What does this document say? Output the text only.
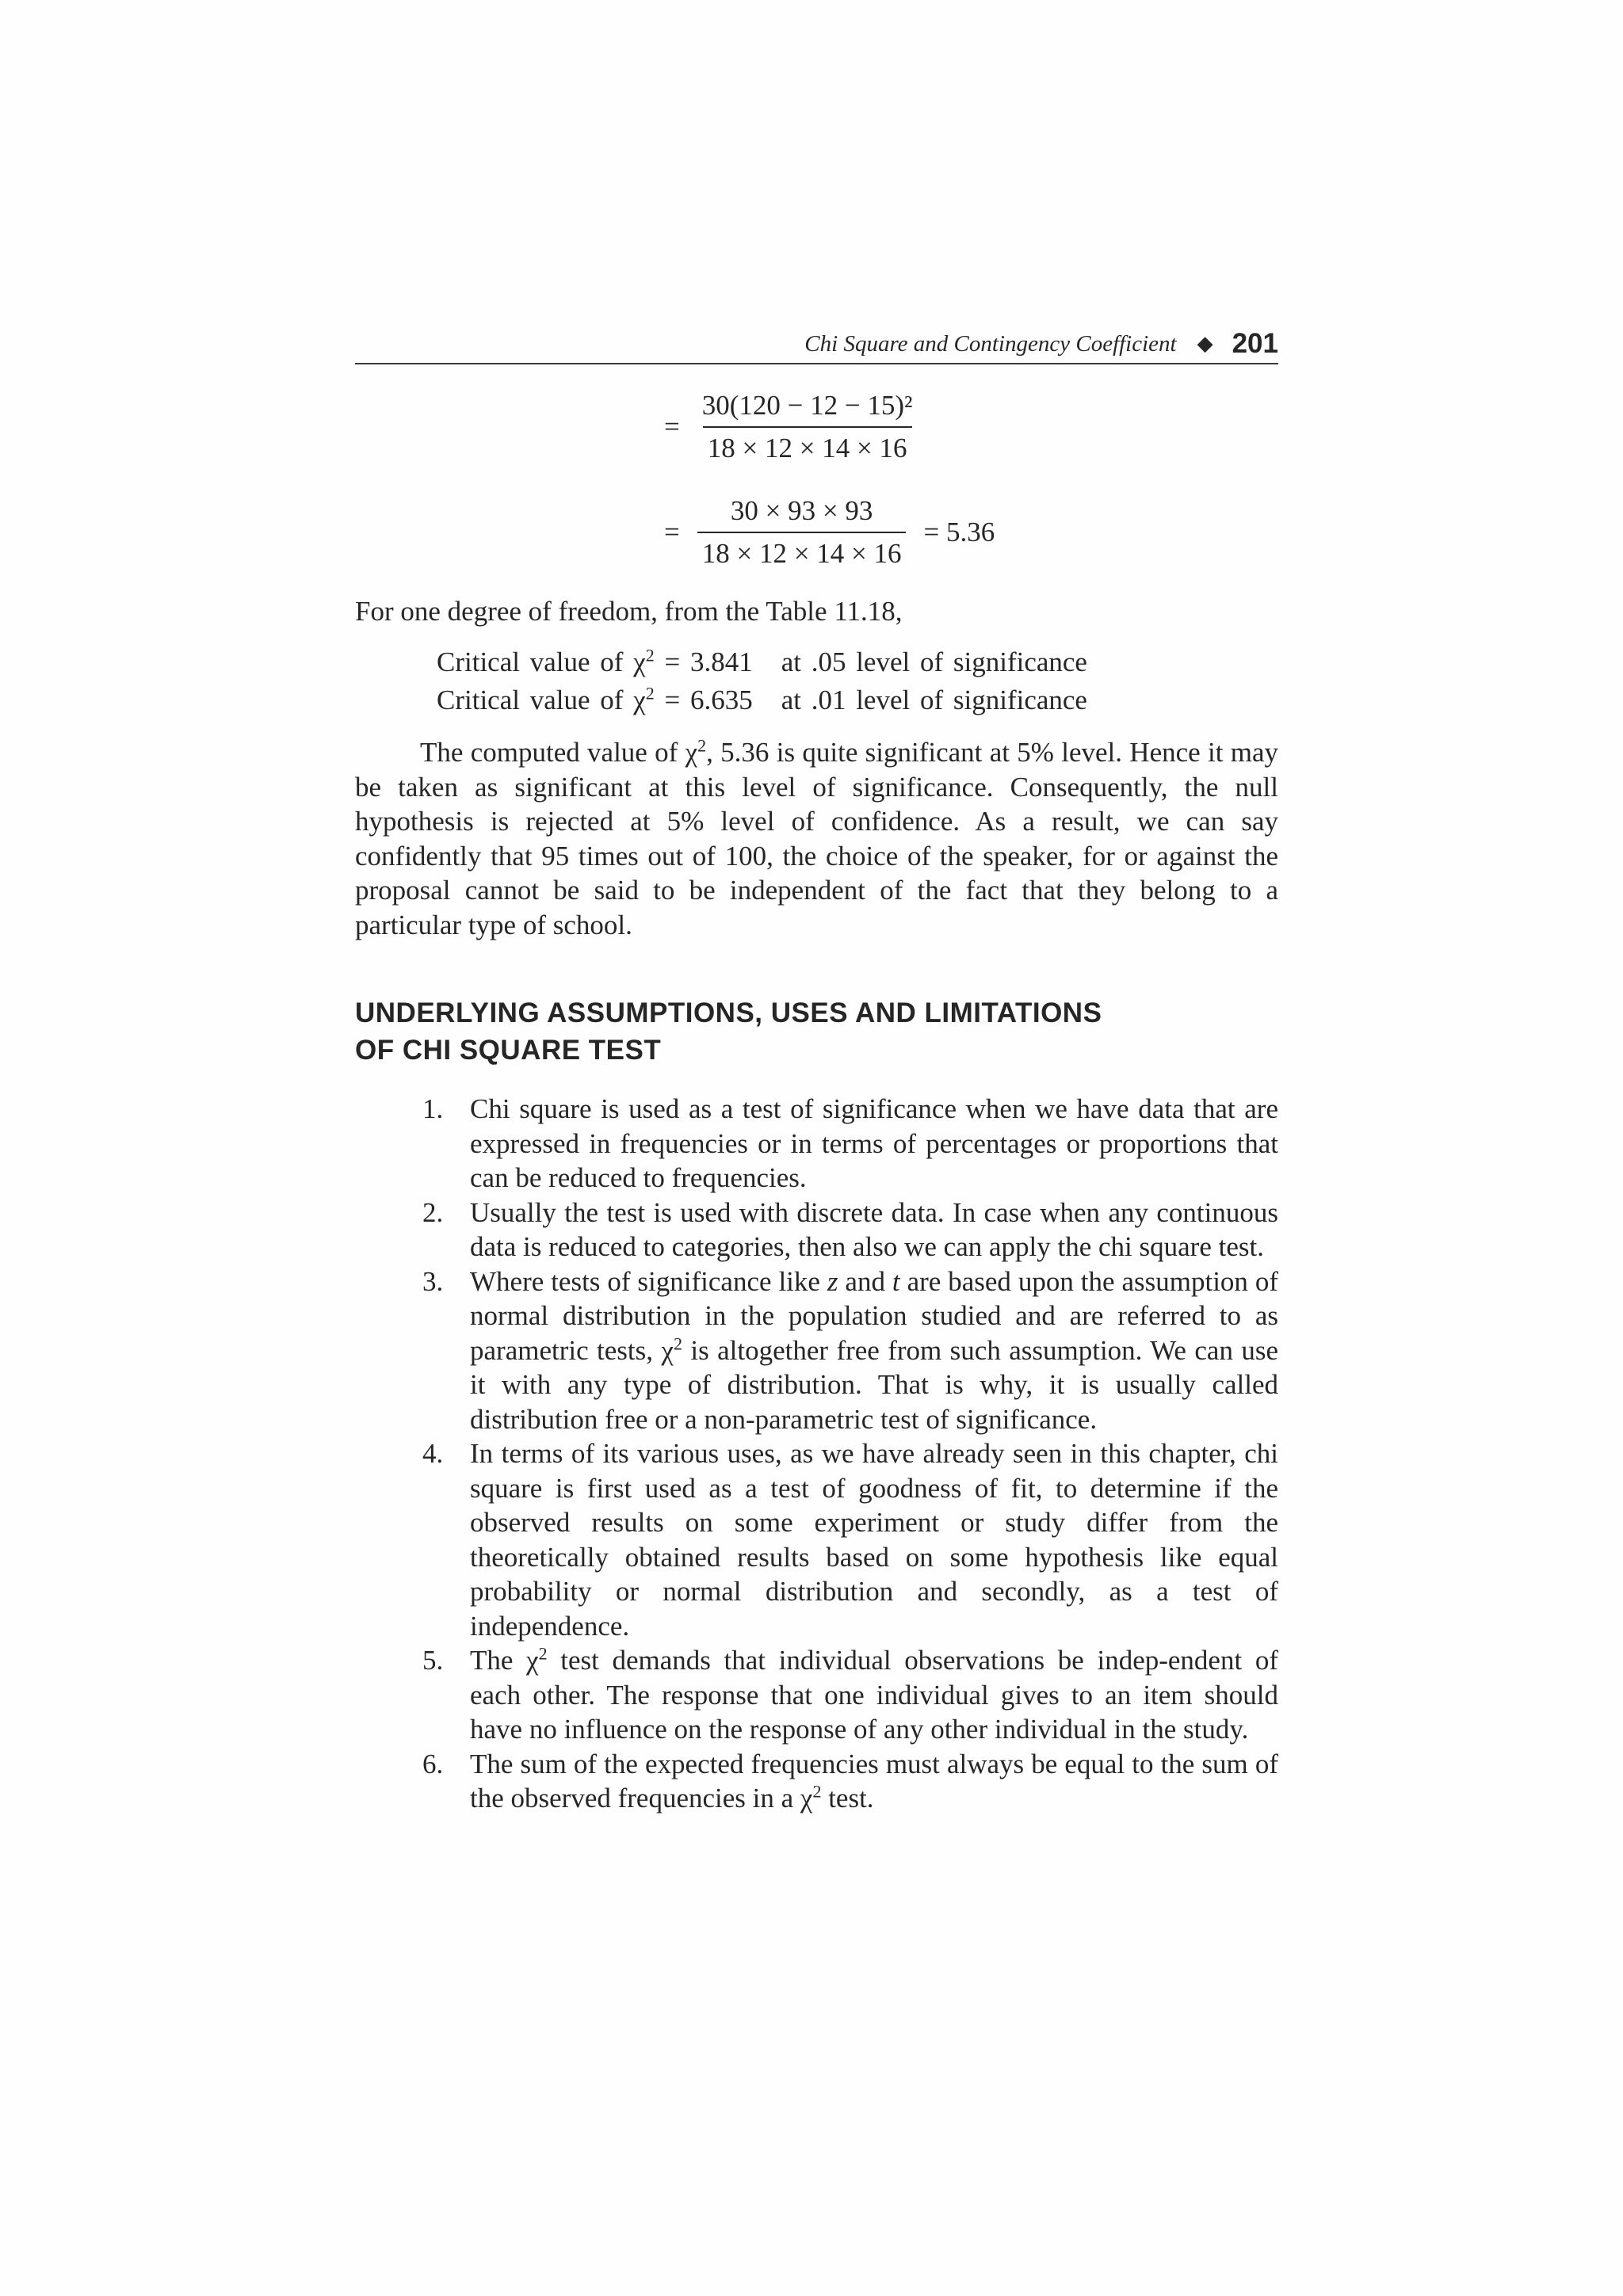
Chi Square and Contingency Coefficient ◆ 201
= $\frac{\text{30(120 − 12 − 15)²}}{18 \times 12 \times 14 \times 16}$
= $\frac{30 \times 93 \times 93}{18 \times 12 \times 14 \times 16} = 5.36$
For one degree of freedom, from the Table 11.18,
Critical value of $\chi^2 = 3.841$ at .05 level of significance
Critical value of $\chi^2 = 6.635$ at .01 level of significance

The computed value of $\chi^2$, 5.36 is quite significant at 5% level. Hence it may be taken as significant at this level of significance. Consequently, the null hypothesis is rejected at 5% level of confidence. As a result, we can say confidently that 95 times out of 100, the choice of the speaker, for or against the proposal cannot be said to be independent of the fact that they belong to a particular type of school.

UNDERLYING ASSUMPTIONS, USES AND LIMITATIONS
OF CHI SQUARE TEST
1. Chi square is used as a test of significance when we have data that are expressed in frequencies or in terms of percentages or proportions that can be reduced to frequencies.
2. Usually the test is used with discrete data. In case when any continuous data is reduced to categories, then also we can apply the chi square test.
3. Where tests of significance like z and t are based upon the assumption of normal distribution in the population studied and are referred to as parametric tests, $\chi^2$ is altogether free from such assumption. We can use it with any type of distribution. That is why, it is usually called distribution free or a non-parametric test of significance.
4. In terms of its various uses, as we have already seen in this chapter, chi square is first used as a test of goodness of fit, to determine if the observed results on some experiment or study differ from the theoretically obtained results based on some hypothesis like equal probability or normal distribution and secondly, as a test of independence.
5. The $\chi^2$ test demands that individual observations be indep-endent of each other. The response that one individual gives to an item should have no influence on the response of any other individual in the study.
6. The sum of the expected frequencies must always be equal to the sum of the observed frequencies in a $\chi^2$ test.
